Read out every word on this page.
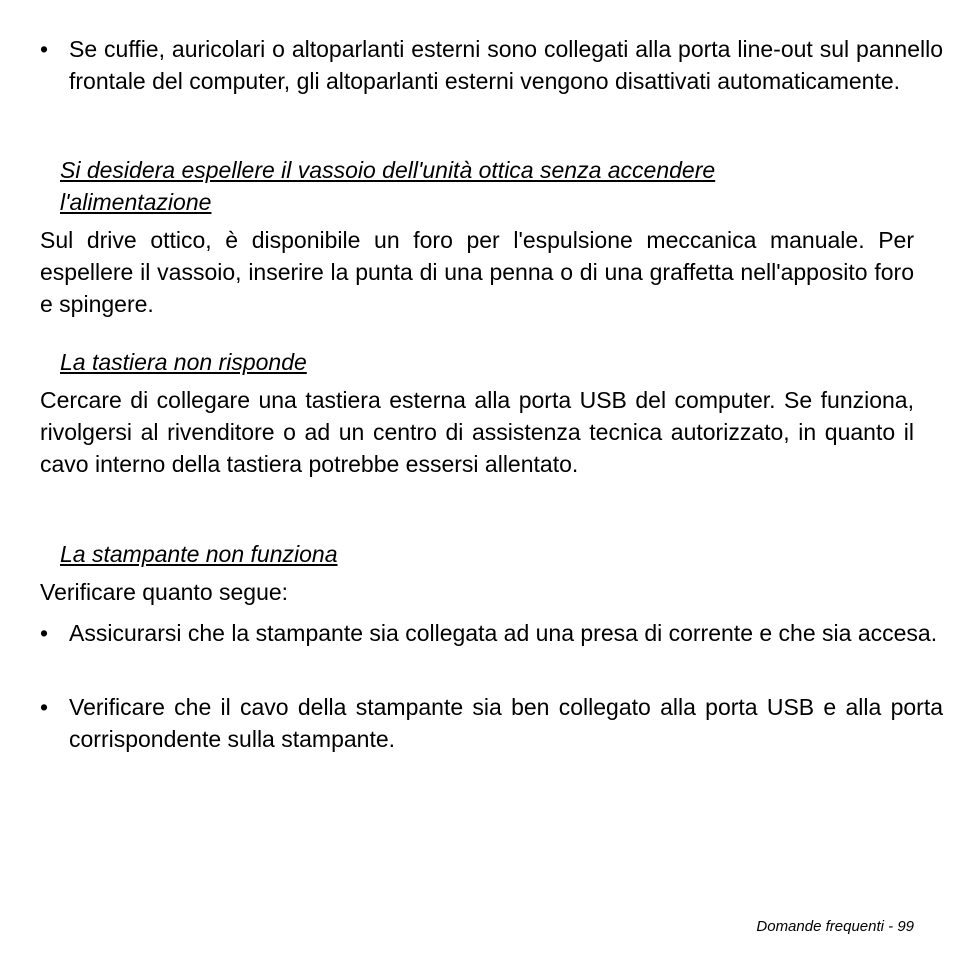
• Se cuffie, auricolari o altoparlanti esterni sono collegati alla porta line-out sul pannello frontale del computer, gli altoparlanti esterni vengono disattivati automaticamente.
Si desidera espellere il vassoio dell'unità ottica senza accendere l'alimentazione
Sul drive ottico, è disponibile un foro per l'espulsione meccanica manuale. Per espellere il vassoio, inserire la punta di una penna o di una graffetta nell'apposito foro e spingere.
La tastiera non risponde
Cercare di collegare una tastiera esterna alla porta USB del computer. Se funziona, rivolgersi al rivenditore o ad un centro di assistenza tecnica autorizzato, in quanto il cavo interno della tastiera potrebbe essersi allentato.
La stampante non funziona
Verificare quanto segue:
• Assicurarsi che la stampante sia collegata ad una presa di corrente e che sia accesa.
• Verificare che il cavo della stampante sia ben collegato alla porta USB e alla porta corrispondente sulla stampante.
Domande frequenti - 99
